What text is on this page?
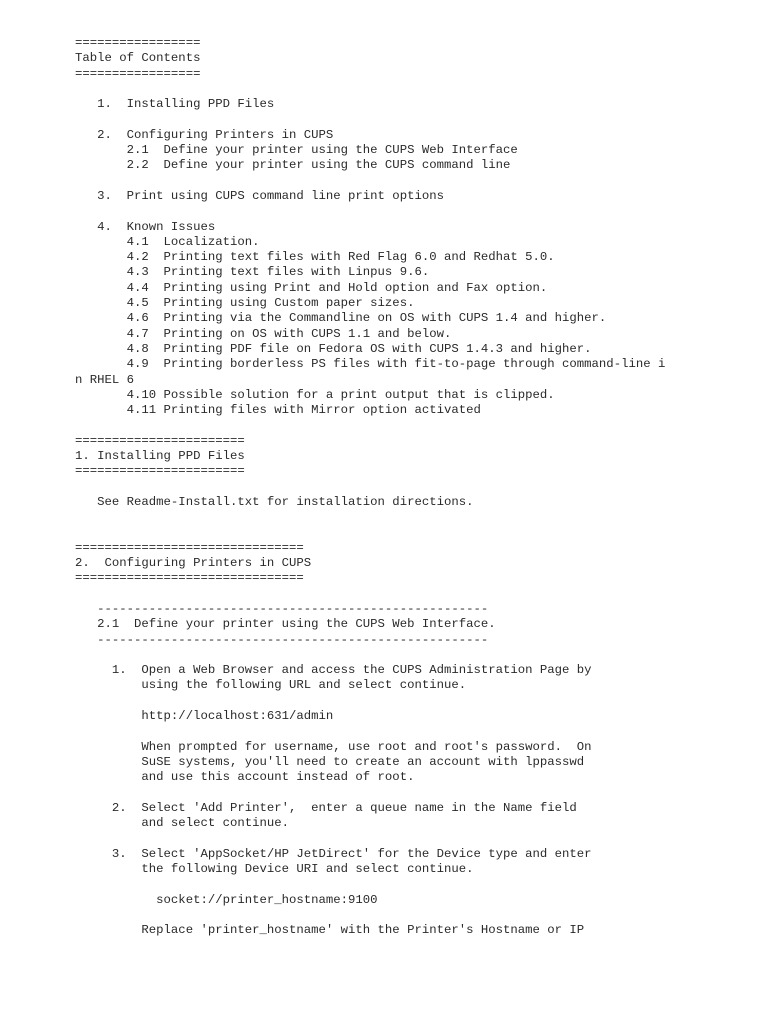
=================
Table of Contents
=================
1.  Installing PPD Files
2.  Configuring Printers in CUPS
2.1  Define your printer using the CUPS Web Interface
2.2  Define your printer using the CUPS command line
3.  Print using CUPS command line print options
4.  Known Issues
4.1  Localization.
4.2  Printing text files with Red Flag 6.0 and Redhat 5.0.
4.3  Printing text files with Linpus 9.6.
4.4  Printing using Print and Hold option and Fax option.
4.5  Printing using Custom paper sizes.
4.6  Printing via the Commandline on OS with CUPS 1.4 and higher.
4.7  Printing on OS with CUPS 1.1 and below.
4.8  Printing PDF file on Fedora OS with CUPS 1.4.3 and higher.
4.9  Printing borderless PS files with fit-to-page through command-line i
n RHEL 6
4.10 Possible solution for a print output that is clipped.
4.11 Printing files with Mirror option activated
=======================
1. Installing PPD Files
=======================
See Readme-Install.txt for installation directions.
===============================
2.  Configuring Printers in CUPS
===============================
-----------------------------------------------------
2.1  Define your printer using the CUPS Web Interface.
-----------------------------------------------------
1.  Open a Web Browser and access the CUPS Administration Page by
using the following URL and select continue.
http://localhost:631/admin
When prompted for username, use root and root's password.  On
SuSE systems, you'll need to create an account with lppasswd
and use this account instead of root.
2.  Select 'Add Printer',  enter a queue name in the Name field
and select continue.
3.  Select 'AppSocket/HP JetDirect' for the Device type and enter
the following Device URI and select continue.
socket://printer_hostname:9100
Replace 'printer_hostname' with the Printer's Hostname or IP
